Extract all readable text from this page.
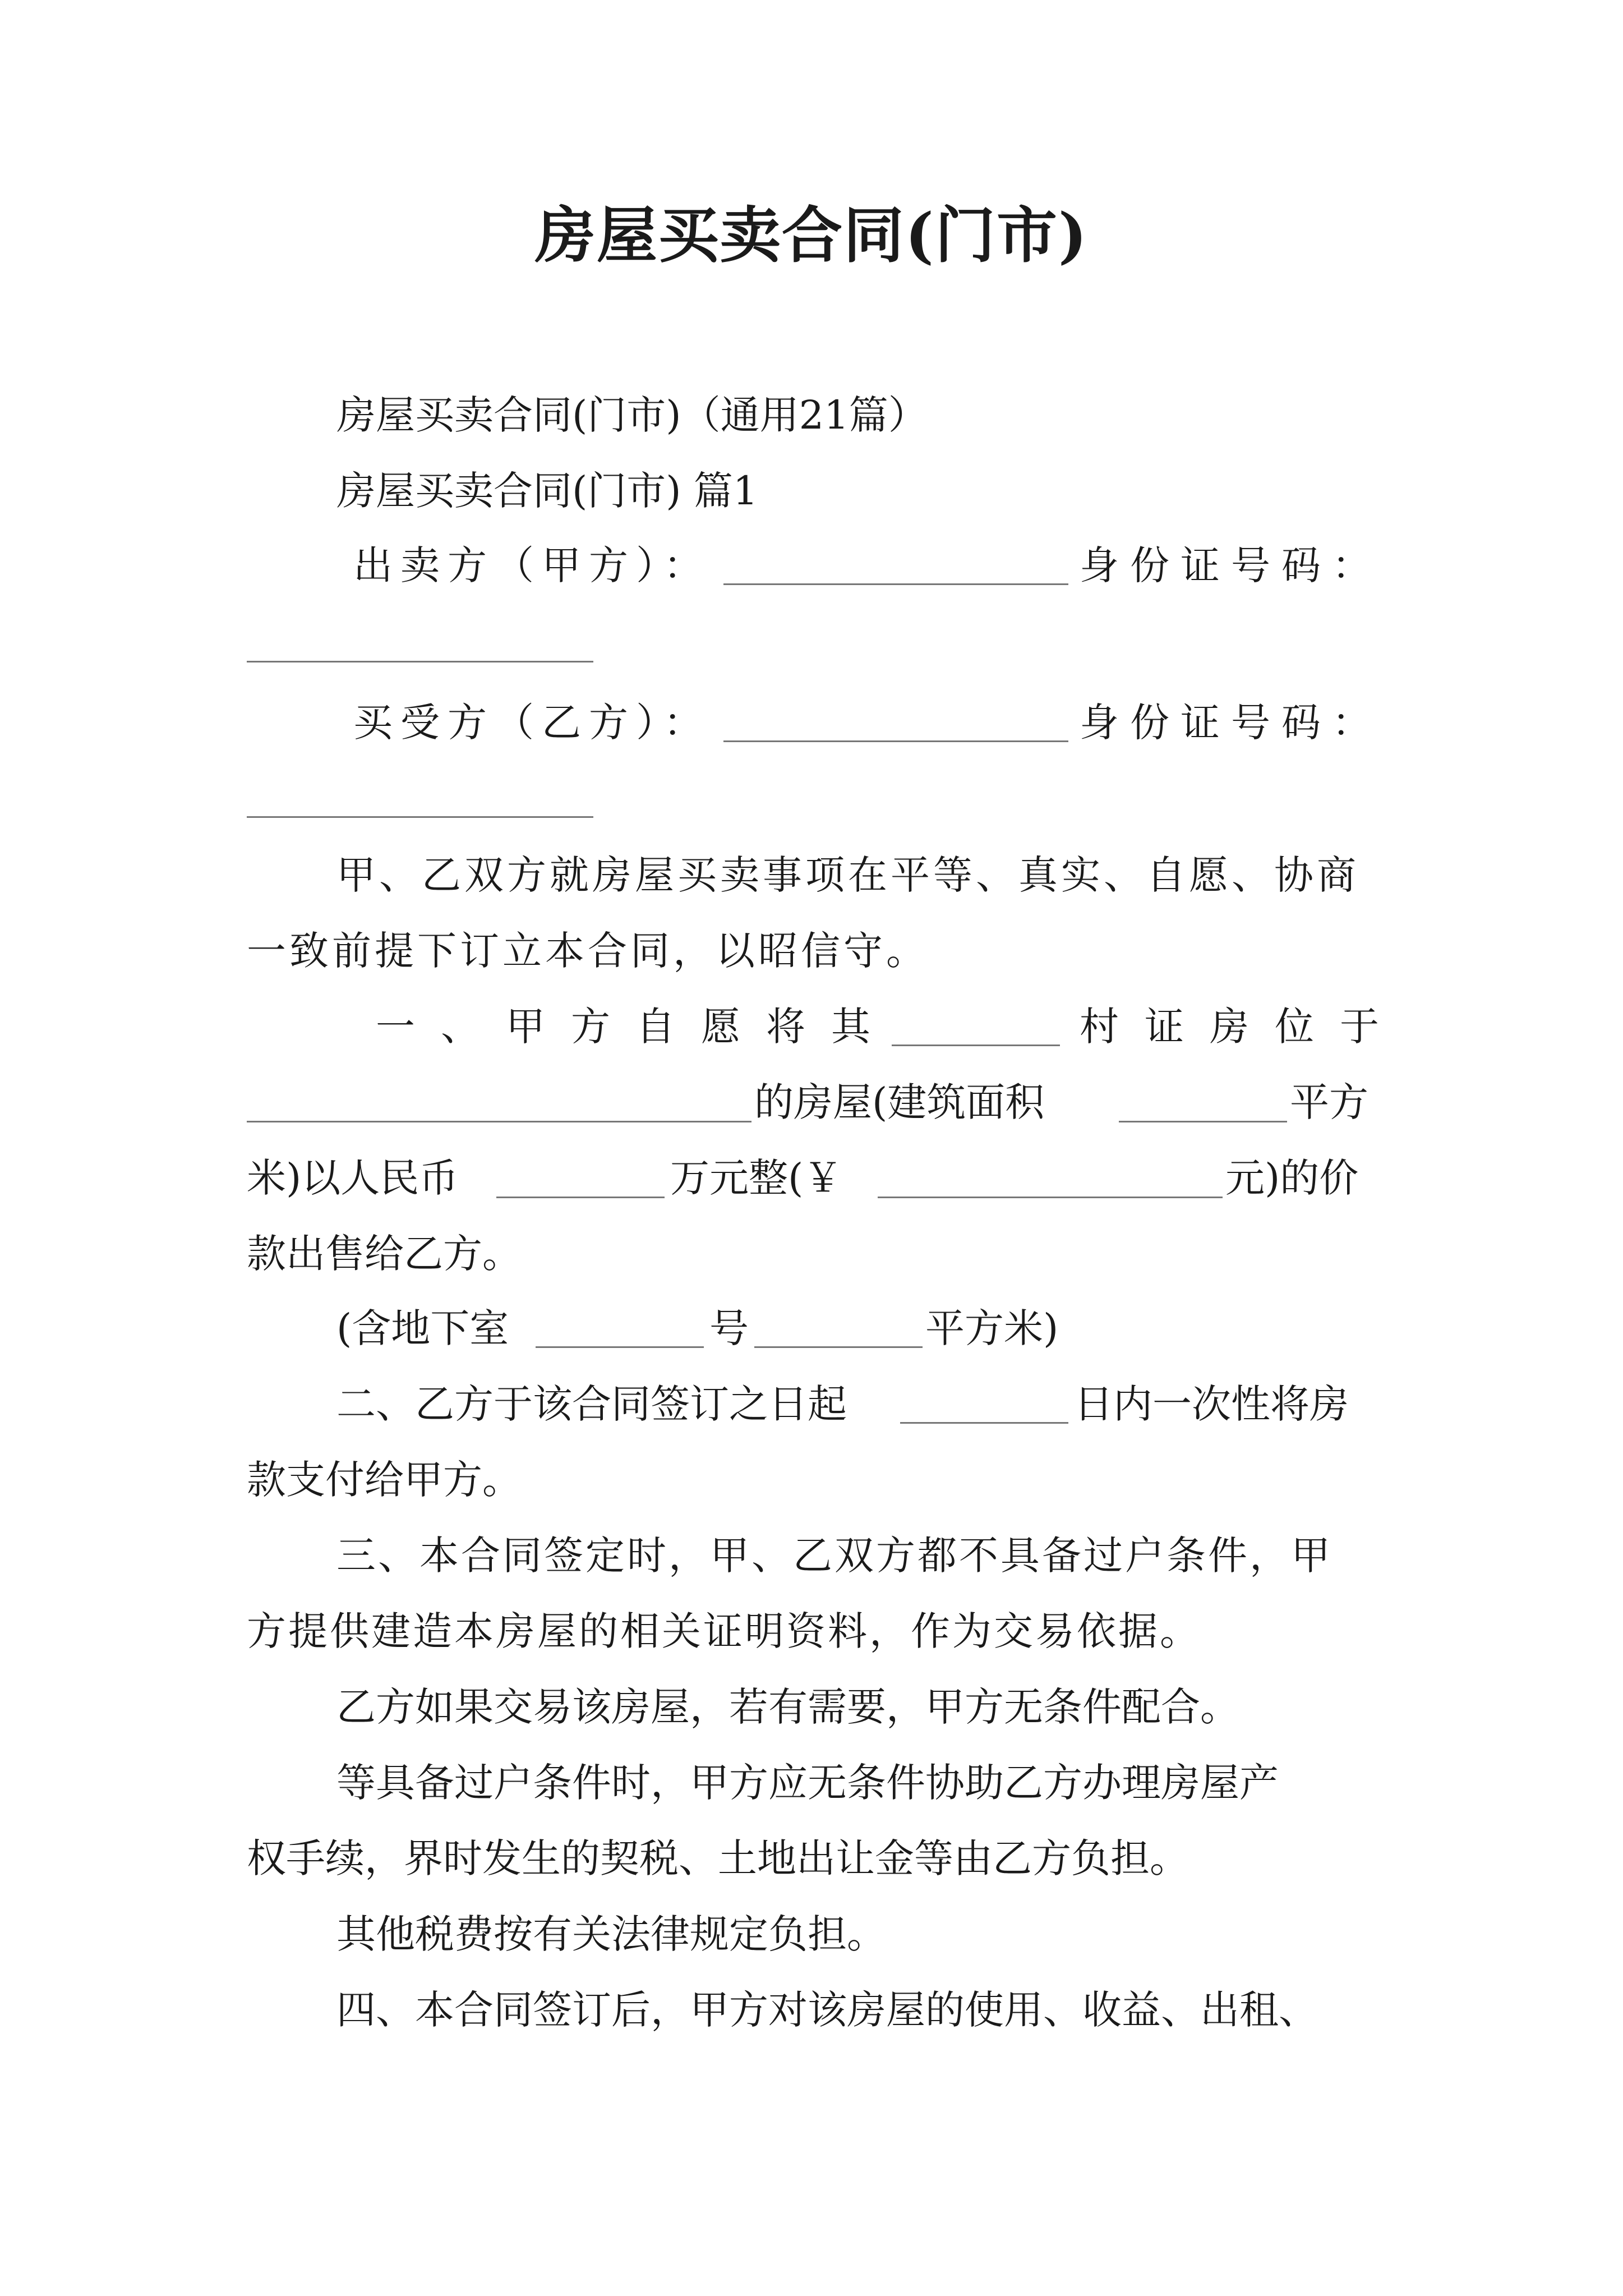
房屋买卖合同(门市)
房屋买卖合同(门市)（通用21篇）
房屋买卖合同(门市) 篇1
出卖方（甲方）：	身份证号码：
买受方（乙方）：	身份证号码：
甲、乙双方就房屋买卖事项在平等、真实、自愿、协商
一致前提下订立本合同，以昭信守。
一、甲方自愿将其	村证房位于
的房屋(建筑面积	平方
米)以人民币	万元整(￥	元)的价
款出售给乙方。
(含地下室	号	平方米)
二、乙方于该合同签订之日起	日内一次性将房
款支付给甲方。
三、本合同签定时，甲、乙双方都不具备过户条件，甲
方提供建造本房屋的相关证明资料，作为交易依据。
乙方如果交易该房屋，若有需要，甲方无条件配合。
等具备过户条件时，甲方应无条件协助乙方办理房屋产
权手续，界时发生的契税、土地出让金等由乙方负担。
其他税费按有关法律规定负担。
四、本合同签订后，甲方对该房屋的使用、收益、出租、
